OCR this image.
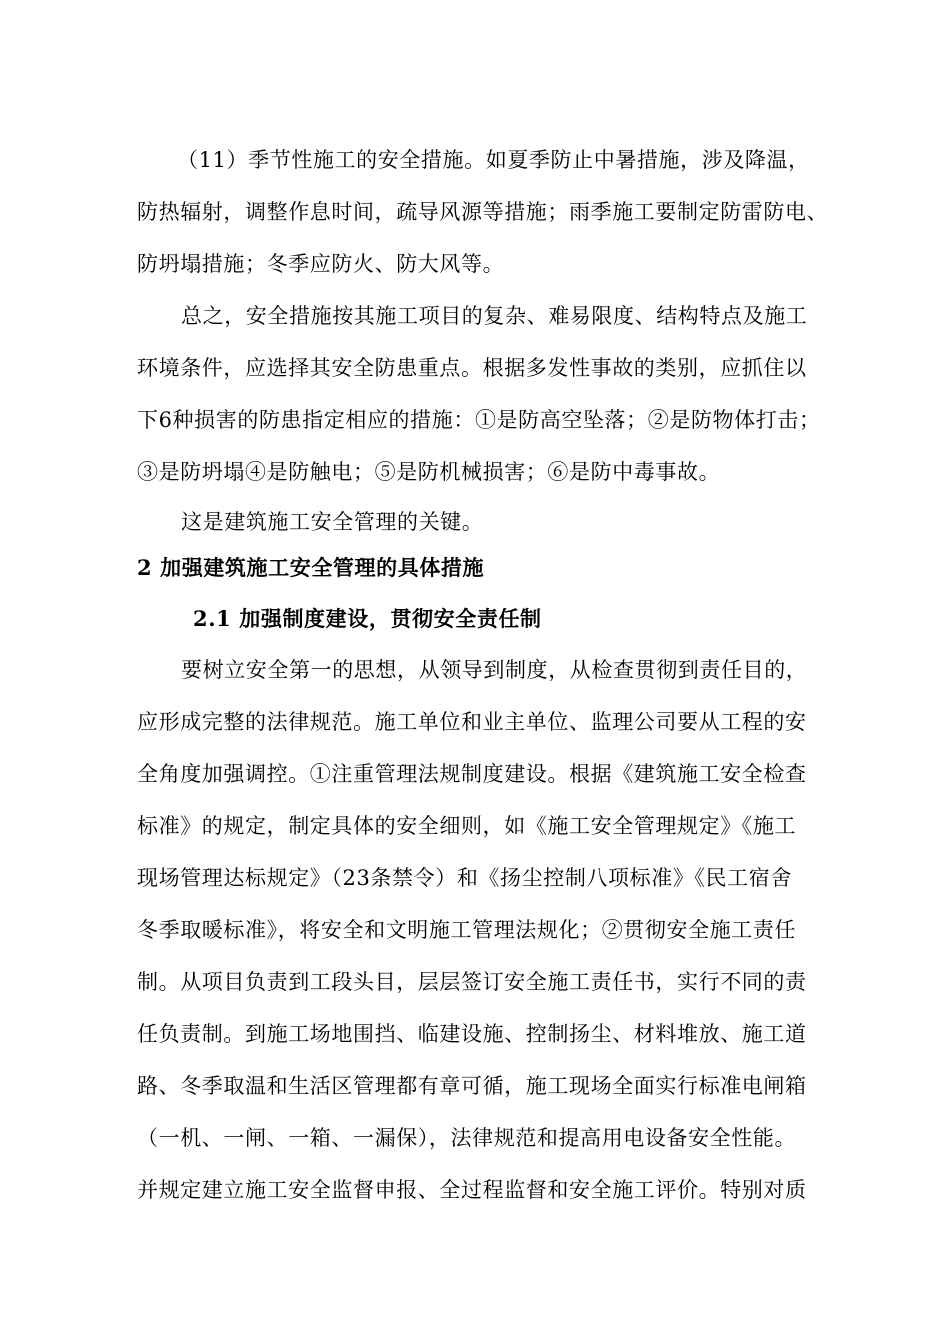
（11）季节性施工的安全措施。如夏季防止中暑措施，涉及降温，
防热辐射，调整作息时间，疏导风源等措施；雨季施工要制定防雷防电、
防坍塌措施；冬季应防火、防大风等。
总之，安全措施按其施工项目的复杂、难易限度、结构特点及施工
环境条件，应选择其安全防患重点。根据多发性事故的类别，应抓住以
下6种损害的防患指定相应的措施：①是防高空坠落；②是防物体打击；
③是防坍塌④是防触电；⑤是防机械损害；⑥是防中毒事故。
这是建筑施工安全管理的关键。
2 加强建筑施工安全管理的具体措施
2.1 加强制度建设，贯彻安全责任制
要树立安全第一的思想，从领导到制度，从检查贯彻到责任目的，
应形成完整的法律规范。施工单位和业主单位、监理公司要从工程的安
全角度加强调控。①注重管理法规制度建设。根据《建筑施工安全检查
标准》的规定，制定具体的安全细则，如《施工安全管理规定》《施工
现场管理达标规定》（23条禁令）和《扬尘控制八项标准》《民工宿舍
冬季取暖标准》，将安全和文明施工管理法规化；②贯彻安全施工责任
制。从项目负责到工段头目，层层签订安全施工责任书，实行不同的责
任负责制。到施工场地围挡、临建设施、控制扬尘、材料堆放、施工道
路、冬季取温和生活区管理都有章可循，施工现场全面实行标准电闸箱
（一机、一闸、一箱、一漏保），法律规范和提高用电设备安全性能。
并规定建立施工安全监督申报、全过程监督和安全施工评价。特别对质
